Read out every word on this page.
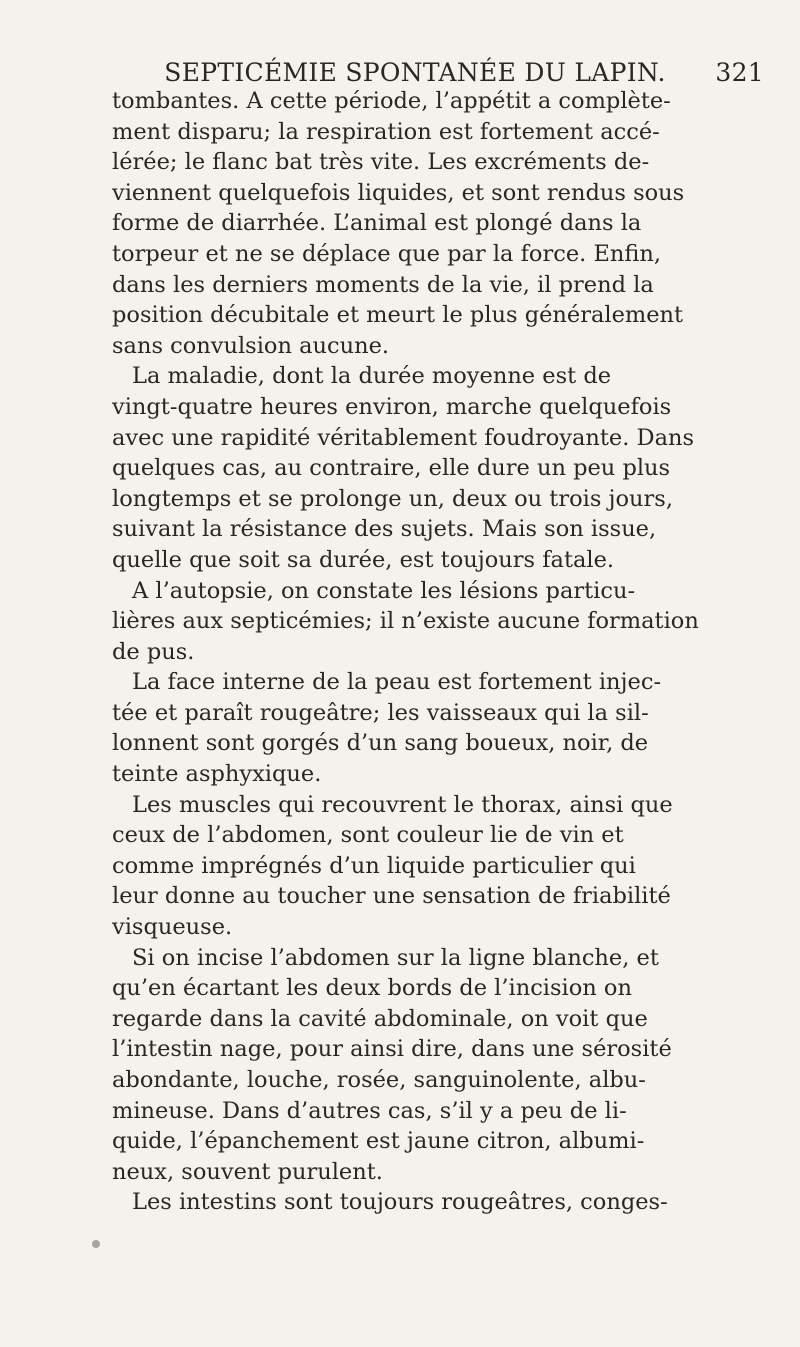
SEPTICÉMIE SPONTANÉE DU LAPIN.	321

tombantes. A cette période, l’appétit a complète-
ment disparu; la respiration est fortement accé-
lérée; le flanc bat très vite. Les excréments de-
viennent quelquefois liquides, et sont rendus sous
forme de diarrhée. L’animal est plongé dans la
torpeur et ne se déplace que par la force. Enfin,
dans les derniers moments de la vie, il prend la
position décubitale et meurt le plus généralement
sans convulsion aucune.

La maladie, dont la durée moyenne est de
vingt-quatre heures environ, marche quelquefois
avec une rapidité véritablement foudroyante. Dans
quelques cas, au contraire, elle dure un peu plus
longtemps et se prolonge un, deux ou trois jours,
suivant la résistance des sujets. Mais son issue,
quelle que soit sa durée, est toujours fatale.

A l’autopsie, on constate les lésions particu-
lières aux septicémies; il n’existe aucune formation
de pus.

La face interne de la peau est fortement injec-
tée et paraît rougeâtre; les vaisseaux qui la sil-
lonnent sont gorgés d’un sang boueux, noir, de
teinte asphyxique.

Les muscles qui recouvrent le thorax, ainsi que
ceux de l’abdomen, sont couleur lie de vin et
comme imprégnés d’un liquide particulier qui
leur donne au toucher une sensation de friabilité
visqueuse.

Si on incise l’abdomen sur la ligne blanche, et
qu’en écartant les deux bords de l’incision on
regarde dans la cavité abdominale, on voit que
l’intestin nage, pour ainsi dire, dans une sérosité
abondante, louche, rosée, sanguinolente, albu-
mineuse. Dans d’autres cas, s’il y a peu de li-
quide, l’épanchement est jaune citron, albumi-
neux, souvent purulent.

Les intestins sont toujours rougeâtres, conges-
